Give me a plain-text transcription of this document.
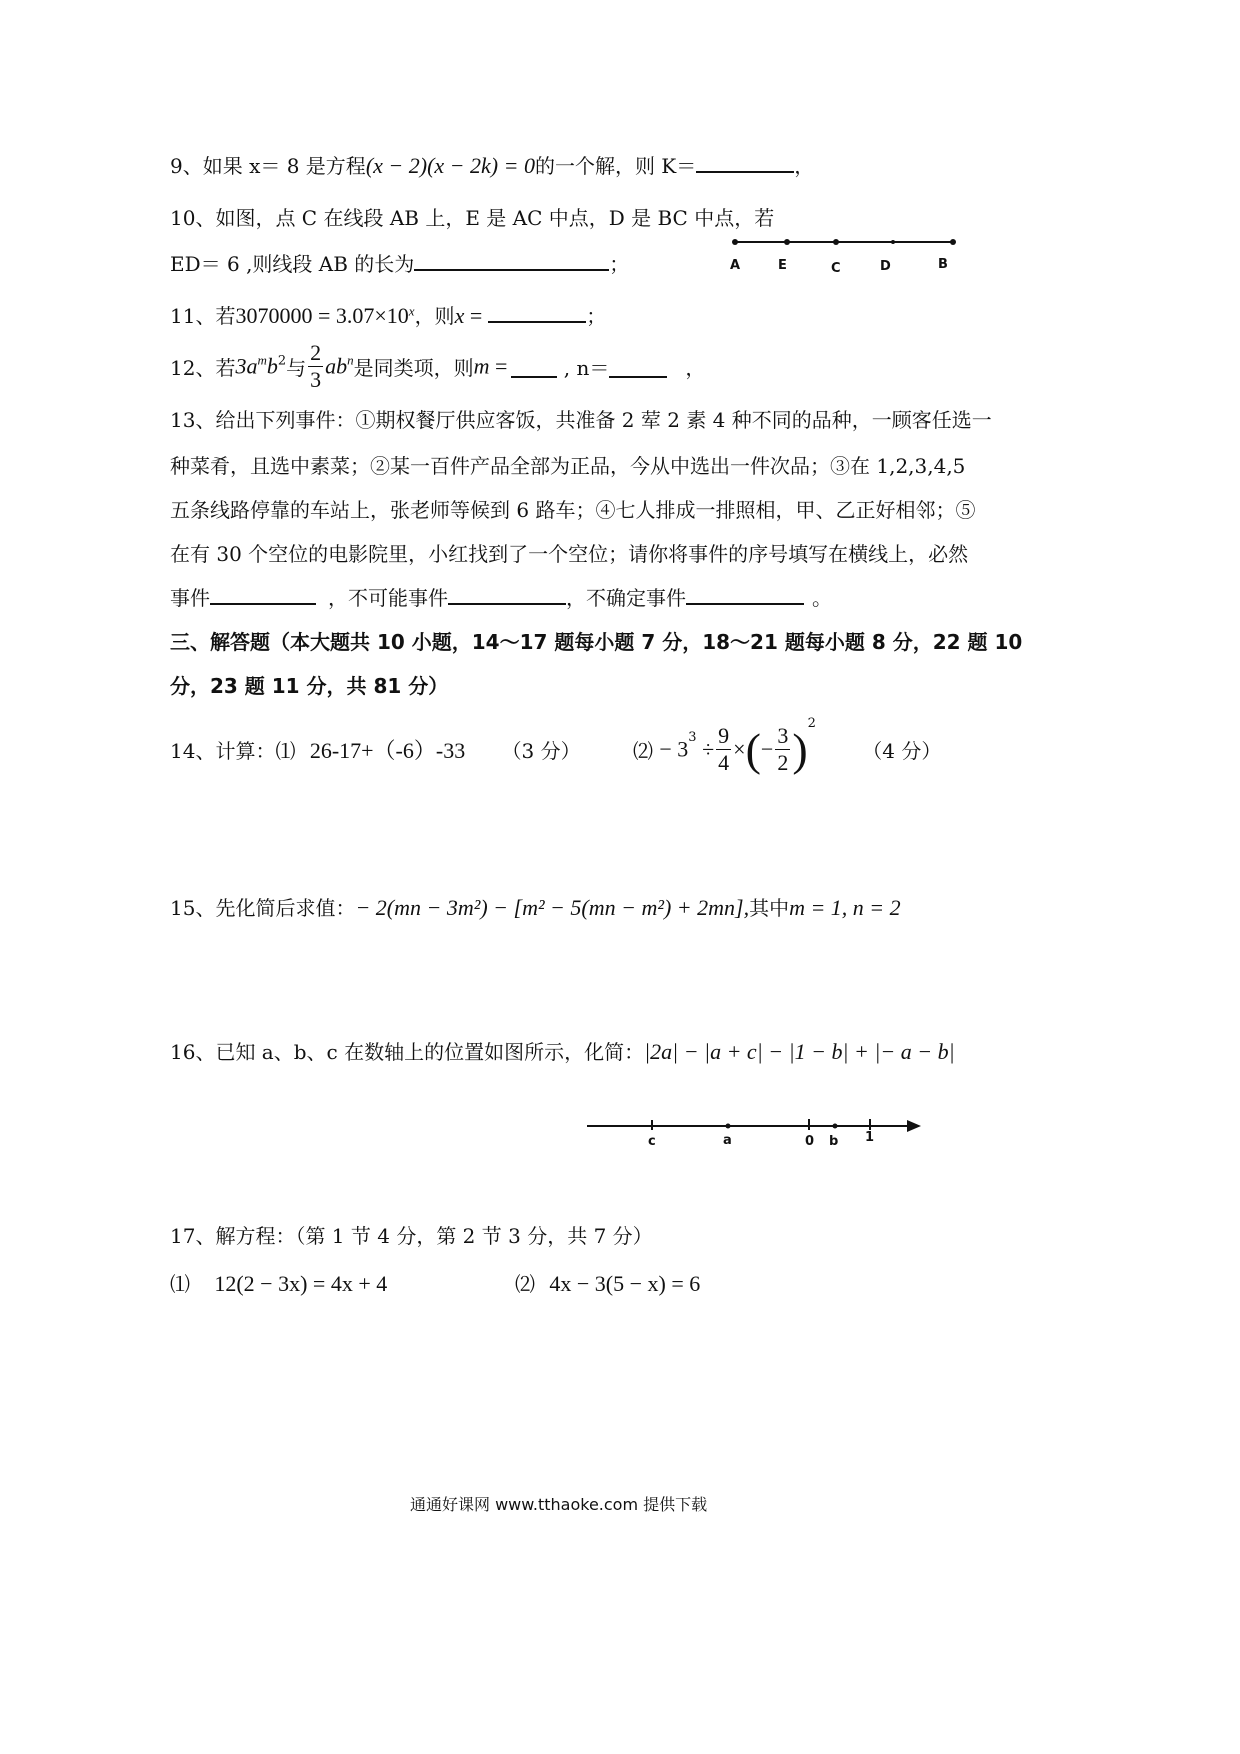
9、如果 x＝ 8 是方程(x − 2)(x − 2k) = 0的一个解，则 K＝	，
10、如图，点 C 在线段 AB 上，E 是 AC 中点，D 是 BC 中点，若
ED＝ 6 ,则线段 AB 的长为	；	A	E	C	D	B
11、若$3070000 = 3.07\times 10^x$，则x =	；
12、若$3a^mb^2$与 $\frac{2}{3} ab^n$是同类项，则m =	, n＝	，
13、给出下列事件：①期权餐厅供应客饭，共准备 2 荤 2 素 4 种不同的品种，一顾客任选一
种菜肴，且选中素菜；②某一百件产品全部为正品，今从中选出一件次品；③在 1,2,3,4,5
五条线路停靠的车站上，张老师等候到 6 路车；④七人排成一排照相，甲、乙正好相邻；⑤
在有 30 个空位的电影院里，小红找到了一个空位；请你将事件的序号填写在横线上，必然
事件	，不可能事件	，不确定事件	。
三、解答题（本大题共 10 小题，14～17 题每小题 7 分，18～21 题每小题 8 分，22 题 10
分，23 题 11 分，共 81 分）
14、计算：⑴ 26-17+（-6）-33 （3 分）	⑵ − $3^3 \div \frac{9}{4}$ ×(− $\frac{3}{2} )^2$ （4 分）
15、先化简后求值：− 2(mn − 3m²) − [m² − 5(mn − m²) + 2mn],其中m = 1, n = 2
16、已知 a、b、c 在数轴上的位置如图所示，化简：|2a| − |a + c| − |1 − b| + |− a − b|
c	a	0 b 1
17、解方程：（第 1 节 4 分，第 2 节 3 分，共 7 分）
⑴ 12(2 − 3x) = 4x + 4	⑵ 4x − 3(5 − x) = 6
通通好课网 www.tthaoke.com 提供下载
